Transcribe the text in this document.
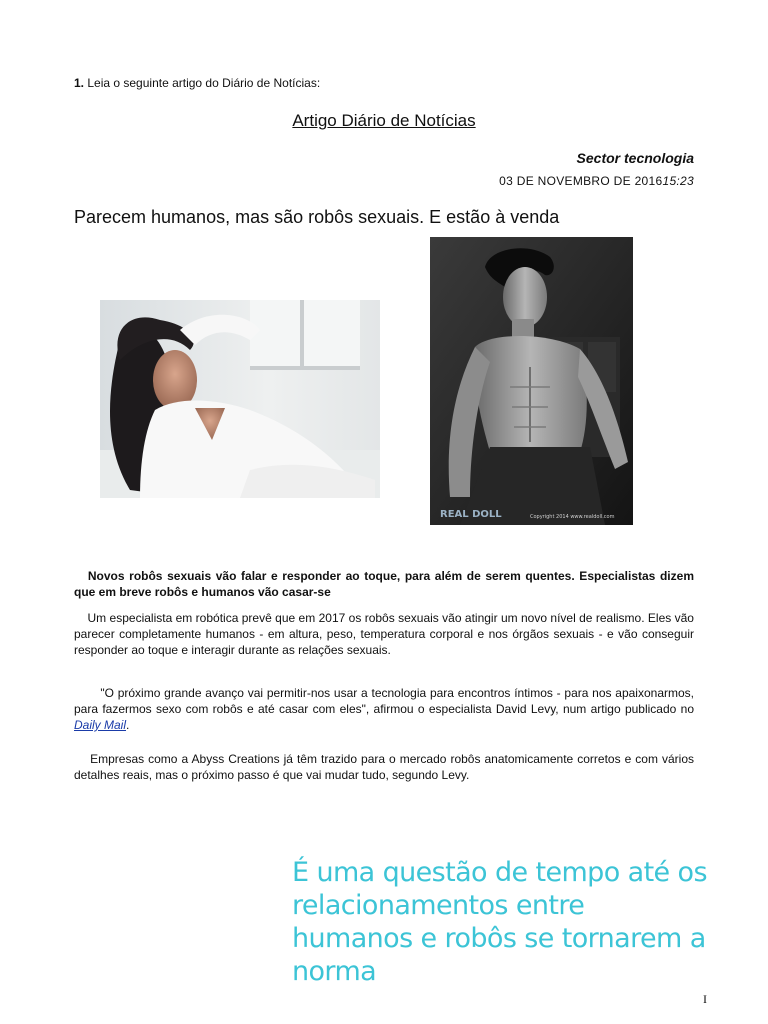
1. Leia o seguinte artigo do Diário de Notícias:
Artigo Diário de Notícias
Sector tecnologia
03 DE NOVEMBRO DE 201615:23
Parecem humanos, mas são robôs sexuais. E estão à venda
REAL DOLL	Copyright 2014 www.realdoll.com
Novos robôs sexuais vão falar e responder ao toque, para além de serem quentes. Especialistas dizem que em breve robôs e humanos vão casar-se
Um especialista em robótica prevê que em 2017 os robôs sexuais vão atingir um novo nível de realismo. Eles vão parecer completamente humanos - em altura, peso, temperatura corporal e nos órgãos sexuais - e vão conseguir responder ao toque e interagir durante as relações sexuais.
"O próximo grande avanço vai permitir-nos usar a tecnologia para encontros íntimos - para nos apaixonarmos, para fazermos sexo com robôs e até casar com eles", afirmou o especialista David Levy, num artigo publicado no Daily Mail.
Empresas como a Abyss Creations já têm trazido para o mercado robôs anatomicamente corretos e com vários detalhes reais, mas o próximo passo é que vai mudar tudo, segundo Levy.
É uma questão de tempo até os relacionamentos entre humanos e robôs se tornarem a norma
I
